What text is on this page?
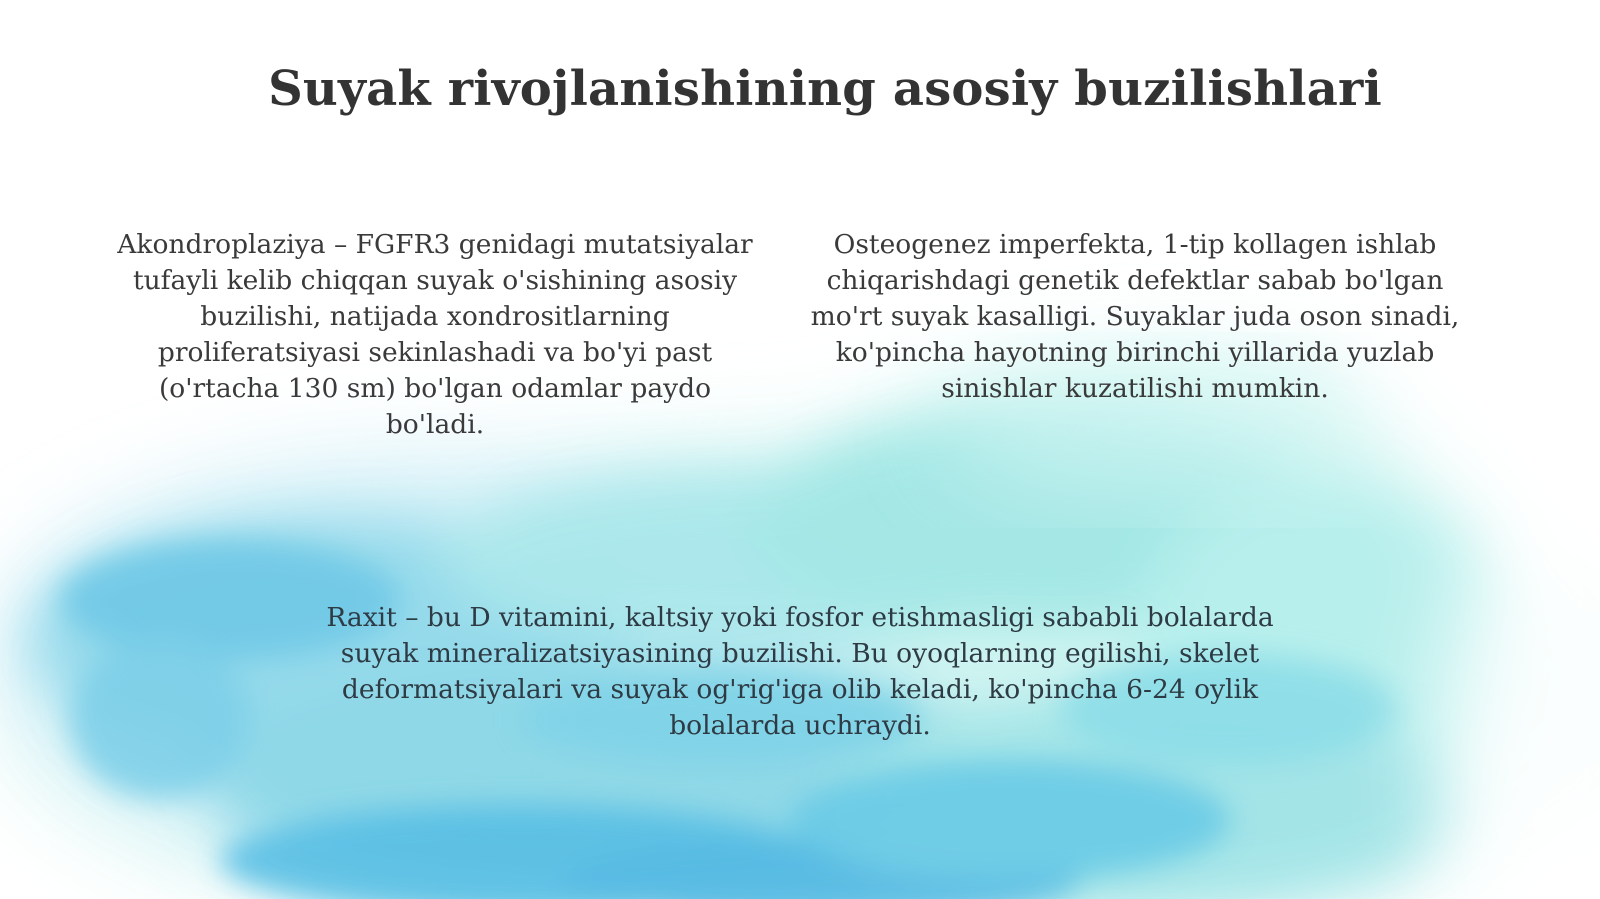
Suyak rivojlanishining asosiy buzilishlari

Akondroplaziya – FGFR3 genidagi mutatsiyalar tufayli kelib chiqqan suyak o'sishining asosiy buzilishi, natijada xondrositlarning proliferatsiyasi sekinlashadi va bo'yi past (o'rtacha 130 sm) bo'lgan odamlar paydo bo'ladi.

Osteogenez imperfekta, 1-tip kollagen ishlab chiqarishdagi genetik defektlar sabab bo'lgan mo'rt suyak kasalligi. Suyaklar juda oson sinadi, ko'pincha hayotning birinchi yillarida yuzlab sinishlar kuzatilishi mumkin.

Raxit – bu D vitamini, kaltsiy yoki fosfor etishmasligi sababli bolalarda suyak mineralizatsiyasining buzilishi. Bu oyoqlarning egilishi, skelet deformatsiyalari va suyak og'rig'iga olib keladi, ko'pincha 6-24 oylik bolalarda uchraydi.
